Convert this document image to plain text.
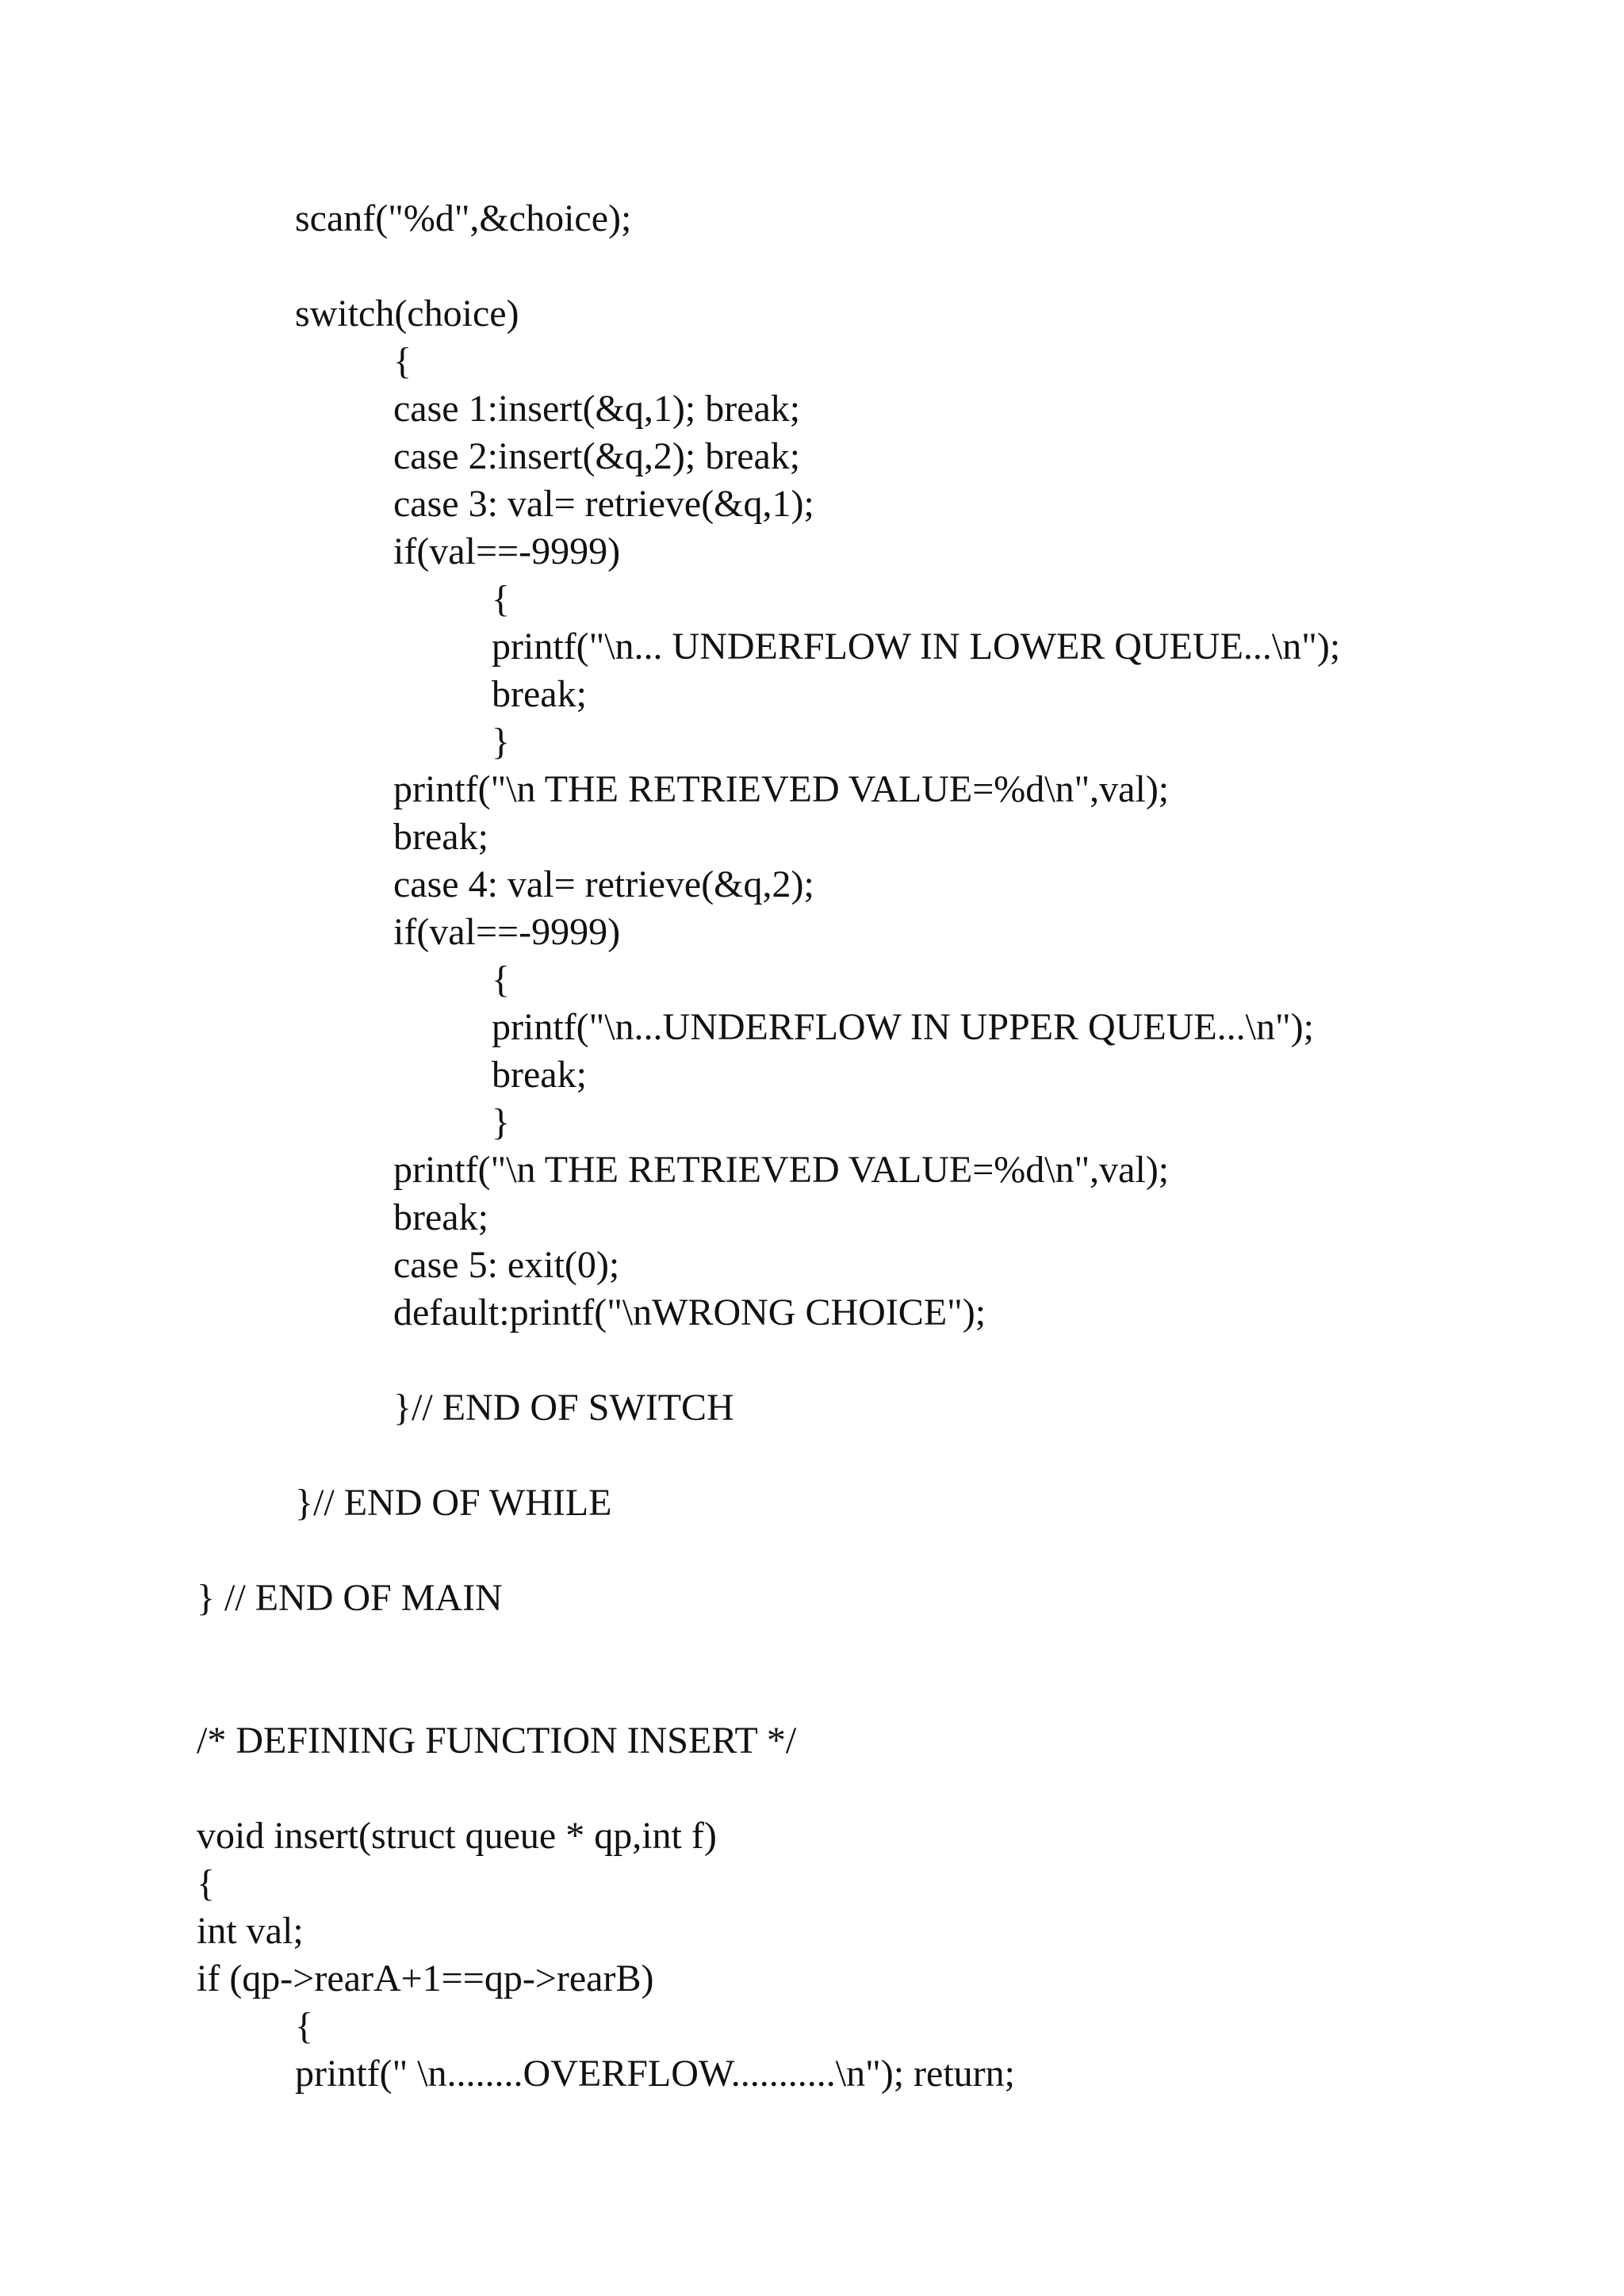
scanf("%d",&choice);
switch(choice)
{
case 1:insert(&q,1); break;
case 2:insert(&q,2); break;
case 3: val= retrieve(&q,1);
if(val==-9999)
{
printf("\n... UNDERFLOW IN LOWER QUEUE...\n");
break;
}
printf("\n THE RETRIEVED VALUE=%d\n",val);
break;
case 4: val= retrieve(&q,2);
if(val==-9999)
{
printf("\n...UNDERFLOW IN UPPER QUEUE...\n");
break;
}
printf("\n THE RETRIEVED VALUE=%d\n",val);
break;
case 5: exit(0);
default:printf("\nWRONG CHOICE");
}// END OF SWITCH
}// END OF WHILE
} // END OF MAIN
/* DEFINING FUNCTION INSERT */
void insert(struct queue * qp,int f)
{
int val;
if (qp->rearA+1==qp->rearB)
{
printf(" \n........OVERFLOW...........\n"); return;
